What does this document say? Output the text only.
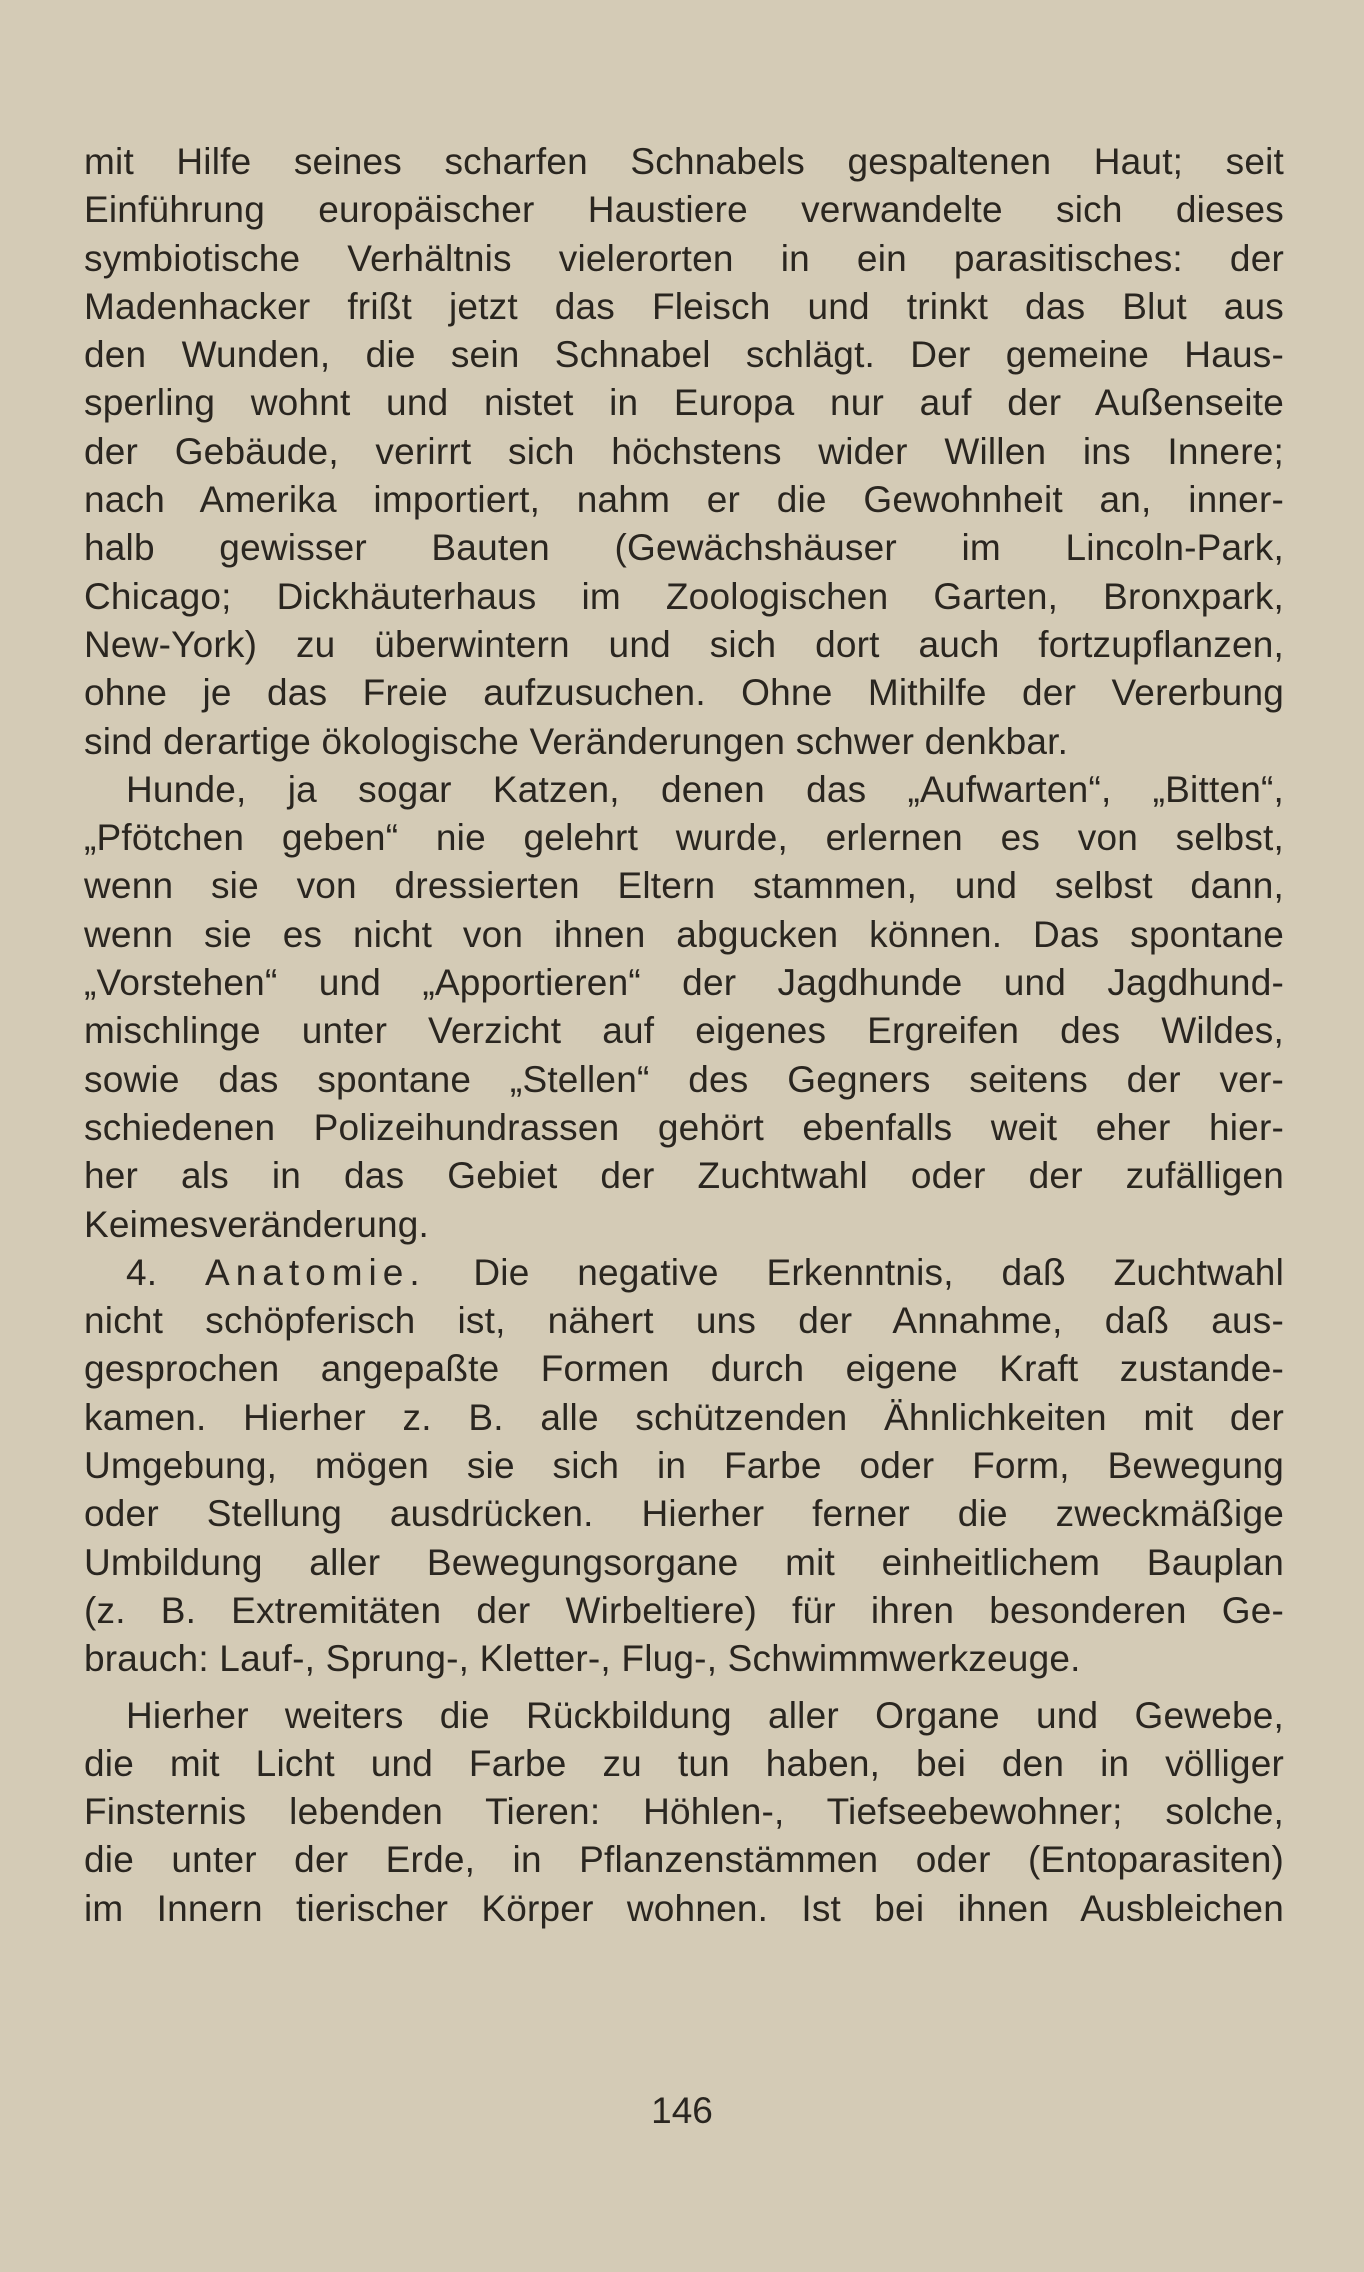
mit Hilfe seines scharfen Schnabels gespaltenen Haut; seit
Einführung europäischer Haustiere verwandelte sich dieses
symbiotische Verhältnis vielerorten in ein parasitisches: der
Madenhacker frißt jetzt das Fleisch und trinkt das Blut aus
den Wunden, die sein Schnabel schlägt. Der gemeine Haus-
sperling wohnt und nistet in Europa nur auf der Außenseite
der Gebäude, verirrt sich höchstens wider Willen ins Innere;
nach Amerika importiert, nahm er die Gewohnheit an, inner-
halb gewisser Bauten (Gewächshäuser im Lincoln-Park,
Chicago; Dickhäuterhaus im Zoologischen Garten, Bronxpark,
New-York) zu überwintern und sich dort auch fortzupflanzen,
ohne je das Freie aufzusuchen. Ohne Mithilfe der Vererbung
sind derartige ökologische Veränderungen schwer denkbar.
Hunde, ja sogar Katzen, denen das „Aufwarten“, „Bitten“,
„Pfötchen geben“ nie gelehrt wurde, erlernen es von selbst,
wenn sie von dressierten Eltern stammen, und selbst dann,
wenn sie es nicht von ihnen abgucken können. Das spontane
„Vorstehen“ und „Apportieren“ der Jagdhunde und Jagdhund-
mischlinge unter Verzicht auf eigenes Ergreifen des Wildes,
sowie das spontane „Stellen“ des Gegners seitens der ver-
schiedenen Polizeihundrassen gehört ebenfalls weit eher hier-
her als in das Gebiet der Zuchtwahl oder der zufälligen
Keimesveränderung.
4. Anatomie. Die negative Erkenntnis, daß Zuchtwahl
nicht schöpferisch ist, nähert uns der Annahme, daß aus-
gesprochen angepaßte Formen durch eigene Kraft zustande-
kamen. Hierher z. B. alle schützenden Ähnlichkeiten mit der
Umgebung, mögen sie sich in Farbe oder Form, Bewegung
oder Stellung ausdrücken. Hierher ferner die zweckmäßige
Umbildung aller Bewegungsorgane mit einheitlichem Bauplan
(z. B. Extremitäten der Wirbeltiere) für ihren besonderen Ge-
brauch: Lauf-, Sprung-, Kletter-, Flug-, Schwimmwerkzeuge.
Hierher weiters die Rückbildung aller Organe und Gewebe,
die mit Licht und Farbe zu tun haben, bei den in völliger
Finsternis lebenden Tieren: Höhlen-, Tiefseebewohner; solche,
die unter der Erde, in Pflanzenstämmen oder (Entoparasiten)
im Innern tierischer Körper wohnen. Ist bei ihnen Ausbleichen
146
